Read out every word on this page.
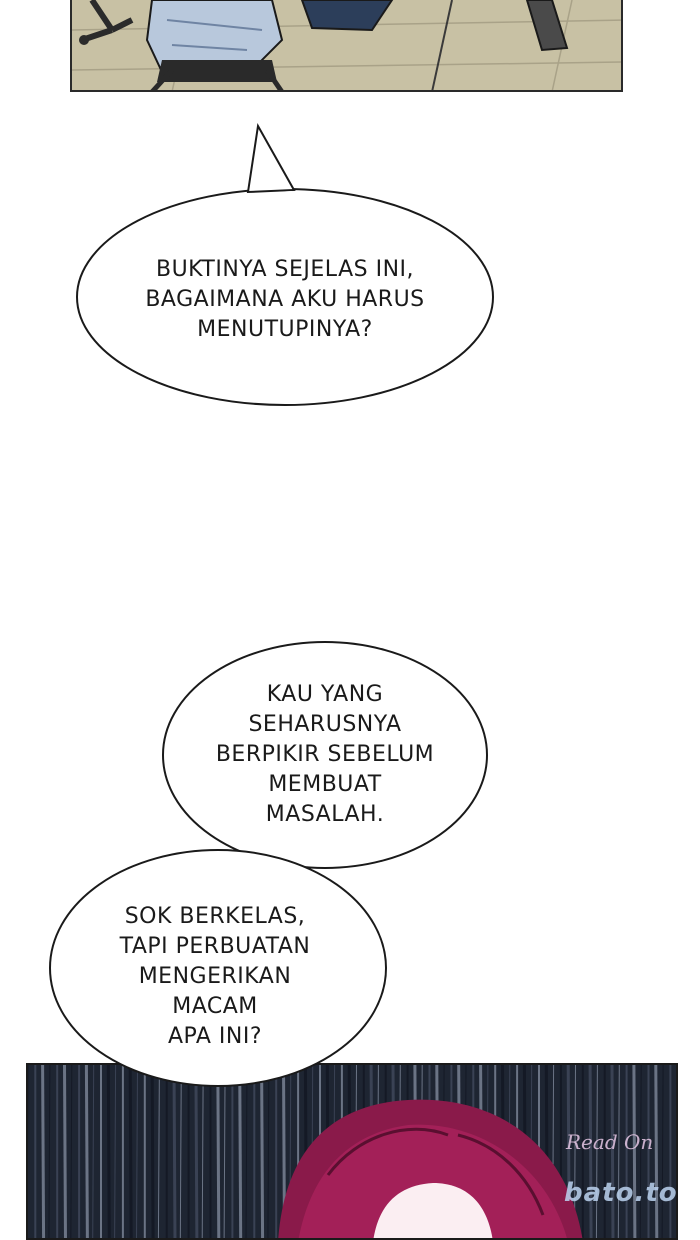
BUKTINYA SEJELAS INI,
BAGAIMANA AKU HARUS
MENUTUPINYA?
KAU YANG
SEHARUSNYA
BERPIKIR SEBELUM
MEMBUAT
MASALAH.
SOK BERKELAS,
TAPI PERBUATAN
MENGERIKAN
MACAM
APA INI?
Read On
bato.to
